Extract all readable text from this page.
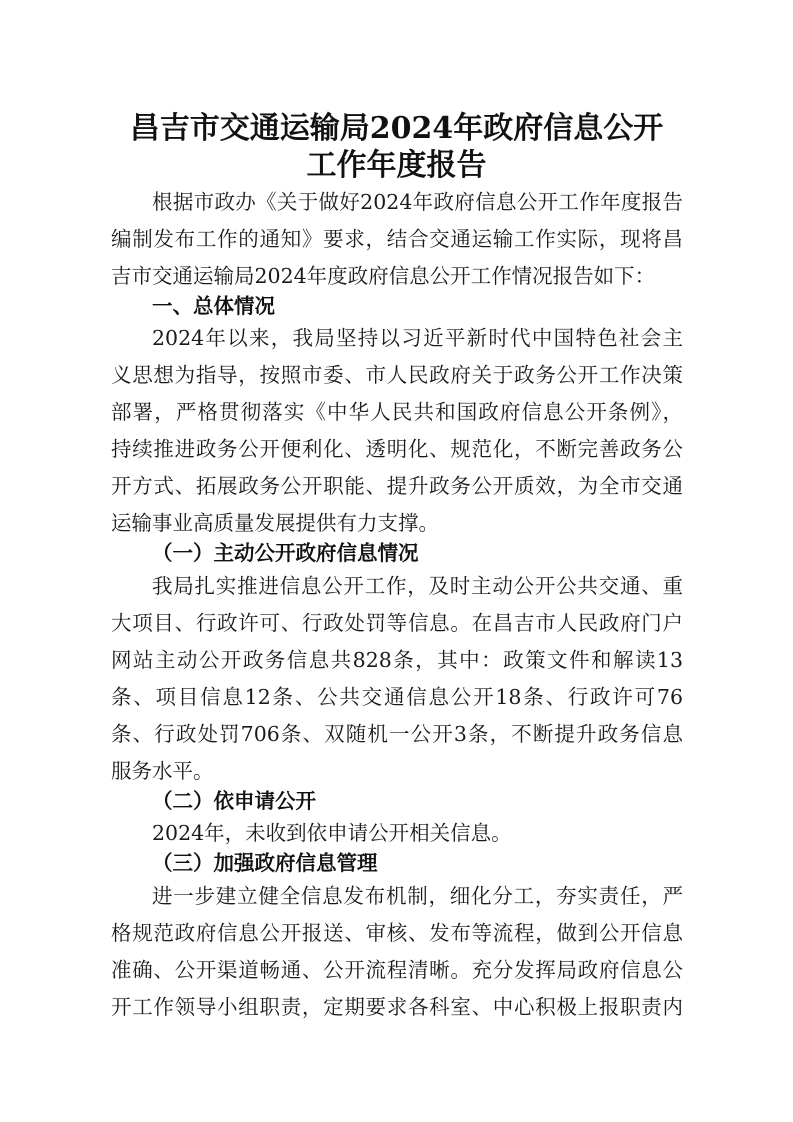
昌吉市交通运输局2024年政府信息公开
工作年度报告
根据市政办《关于做好2024年政府信息公开工作年度报告
编制发布工作的通知》要求，结合交通运输工作实际，现将昌
吉市交通运输局2024年度政府信息公开工作情况报告如下：
一、总体情况
2024年以来，我局坚持以习近平新时代中国特色社会主
义思想为指导，按照市委、市人民政府关于政务公开工作决策
部署，严格贯彻落实《中华人民共和国政府信息公开条例》，
持续推进政务公开便利化、透明化、规范化，不断完善政务公
开方式、拓展政务公开职能、提升政务公开质效，为全市交通
运输事业高质量发展提供有力支撑。
（一）主动公开政府信息情况
我局扎实推进信息公开工作，及时主动公开公共交通、重
大项目、行政许可、行政处罚等信息。在昌吉市人民政府门户
网站主动公开政务信息共828条，其中：政策文件和解读13
条、项目信息12条、公共交通信息公开18条、行政许可76
条、行政处罚706条、双随机一公开3条，不断提升政务信息
服务水平。
（二）依申请公开
2024年，未收到依申请公开相关信息。
（三）加强政府信息管理
进一步建立健全信息发布机制，细化分工，夯实责任，严
格规范政府信息公开报送、审核、发布等流程，做到公开信息
准确、公开渠道畅通、公开流程清晰。充分发挥局政府信息公
开工作领导小组职责，定期要求各科室、中心积极上报职责内
